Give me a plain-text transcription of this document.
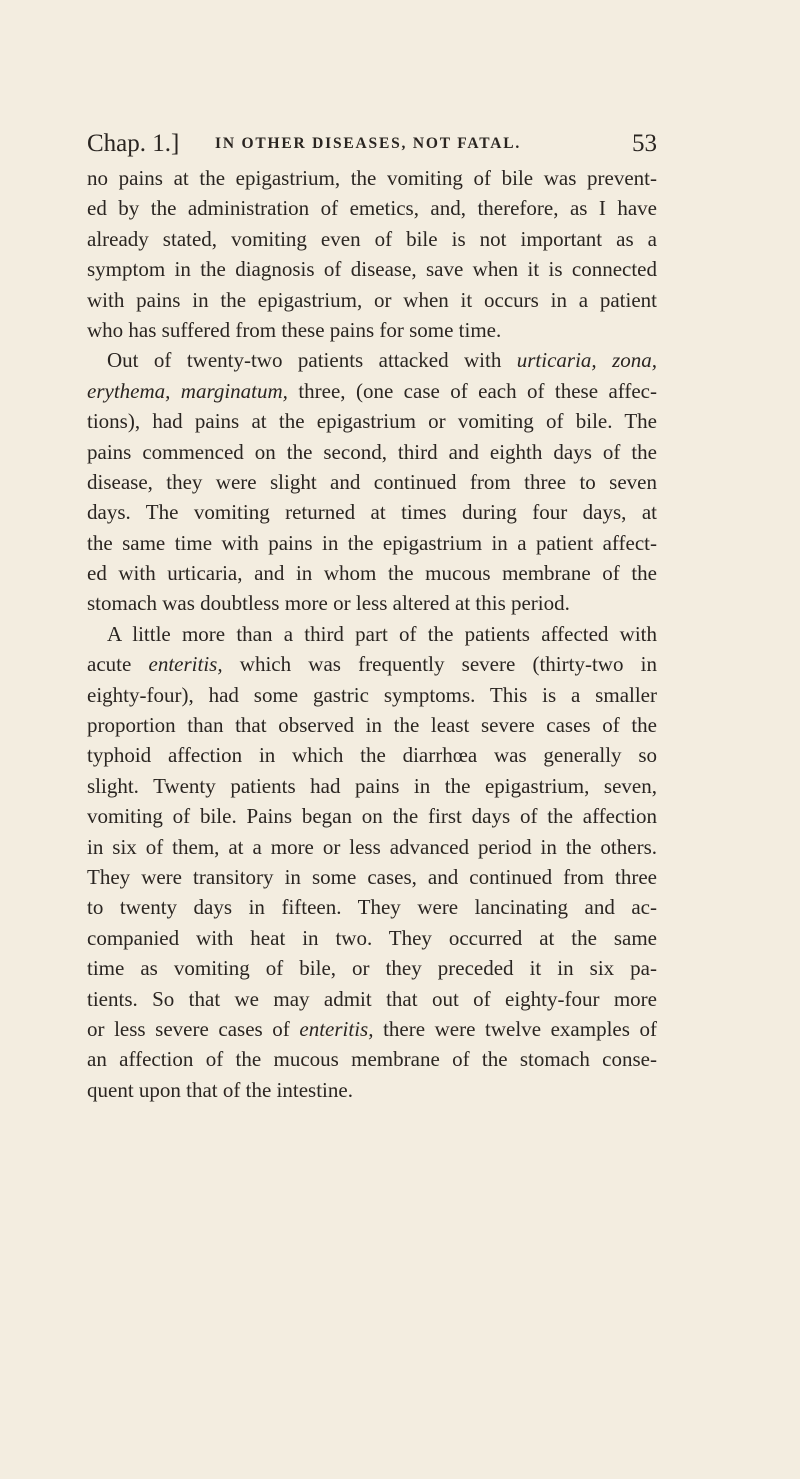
Chap. 1.] IN OTHER DISEASES, NOT FATAL.	53
no pains at the epigastrium, the vomiting of bile was prevent-
ed by the administration of emetics, and, therefore, as I have
already stated, vomiting even of bile is not important as a
symptom in the diagnosis of disease, save when it is connected
with pains in the epigastrium, or when it occurs in a patient
who has suffered from these pains for some time.
Out of twenty-two patients attacked with urticaria, zona,
erythema, marginatum, three, (one case of each of these affec-
tions), had pains at the epigastrium or vomiting of bile. The
pains commenced on the second, third and eighth days of the
disease, they were slight and continued from three to seven
days. The vomiting returned at times during four days, at
the same time with pains in the epigastrium in a patient affect-
ed with urticaria, and in whom the mucous membrane of the
stomach was doubtless more or less altered at this period.
A little more than a third part of the patients affected with
acute enteritis, which was frequently severe (thirty-two in
eighty-four), had some gastric symptoms. This is a smaller
proportion than that observed in the least severe cases of the
typhoid affection in which the diarrhœa was generally so
slight. Twenty patients had pains in the epigastrium, seven,
vomiting of bile. Pains began on the first days of the affection
in six of them, at a more or less advanced period in the others.
They were transitory in some cases, and continued from three
to twenty days in fifteen. They were lancinating and ac-
companied with heat in two. They occurred at the same
time as vomiting of bile, or they preceded it in six pa-
tients. So that we may admit that out of eighty-four more
or less severe cases of enteritis, there were twelve examples of
an affection of the mucous membrane of the stomach conse-
quent upon that of the intestine.
